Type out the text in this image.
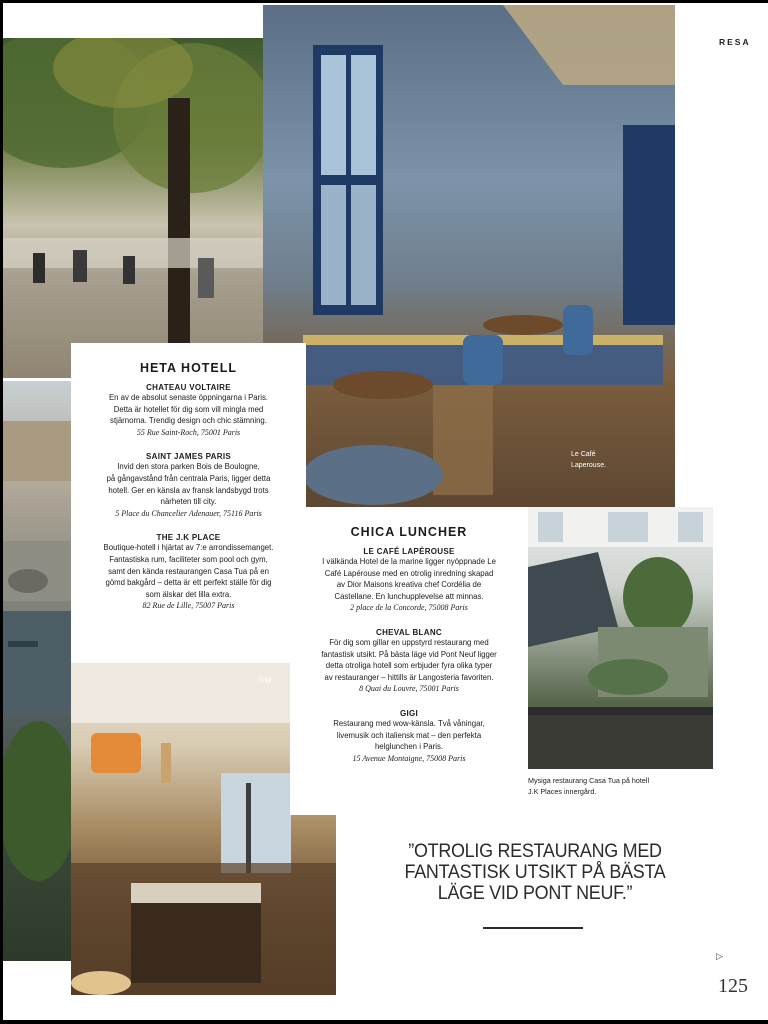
Le Café
Laperouse.
Gigi.
RESA
HETA HOTELL

CHATEAU VOLTAIRE

En av de absolut senaste öppningarna i Paris.

Detta är hotellet för dig som vill mingla med

stjärnorna. Trendig design och chic stämning.

55 Rue Saint-Roch, 75001 Paris

SAINT JAMES PARIS

Invid den stora parken Bois de Boulogne,

på gångavstånd från centrala Paris, ligger detta

hotell. Ger en känsla av fransk landsbygd trots

närheten till city.

5 Place du Chancelier Adenauer, 75116 Paris

THE J.K PLACE

Boutique-hotell i hjärtat av 7:e arrondissemanget.

Fantastiska rum, faciliteter som pool och gym,

samt den kända restaurangen Casa Tua på en

gömd bakgård – detta är ett perfekt ställe för dig

som älskar det lilla extra.

82 Rue de Lille, 75007 Paris

CHICA LUNCHER

LE CAFÉ LAPÉROUSE

I välkända Hotel de la marine ligger nyöppnade Le

Café Lapérouse med en otrolig inredning skapad

av Dior Maisons kreativa chef Cordélia de

Castellane. En lunchupplevelse att minnas.

2 place de la Concorde, 75008 Paris

CHEVAL BLANC

För dig som gillar en uppstyrd restaurang med

fantastisk utsikt. På bästa läge vid Pont Neuf ligger

detta otroliga hotell som erbjuder fyra olika typer

av restauranger – hittills är Langosteria favoriten.

8 Quai du Louvre, 75001 Paris

GIGI

Restaurang med wow-känsla. Två våningar,

livemusik och italiensk mat – den perfekta

helglunchen i Paris.

15 Avenue Montaigne, 75008 Paris

Mysiga restaurang Casa Tua på hotell
J.K Places innergård.
”OTROLIG RESTAURANG MED
FANTASTISK UTSIKT PÅ BÄSTA
LÄGE VID PONT NEUF.”
▷
125
